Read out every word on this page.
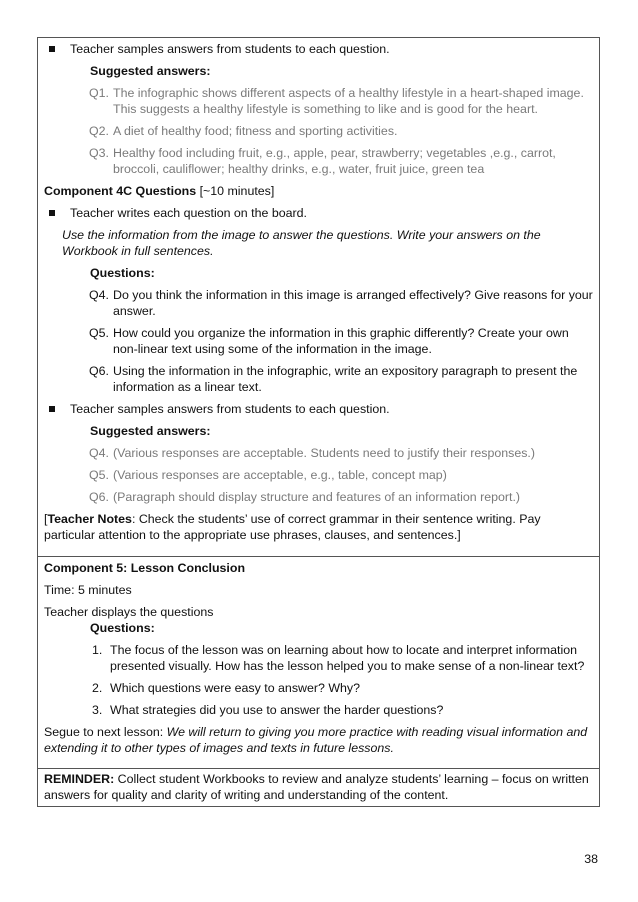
Teacher samples answers from students to each question.
Suggested answers:
Q1. The infographic shows different aspects of a healthy lifestyle in a heart-shaped image. This suggests a healthy lifestyle is something to like and is good for the heart.
Q2. A diet of healthy food; fitness and sporting activities.
Q3. Healthy food including fruit, e.g., apple, pear, strawberry; vegetables ,e.g., carrot, broccoli, cauliflower; healthy drinks, e.g., water, fruit juice, green tea
Component 4C Questions [~10 minutes]
Teacher writes each question on the board.
Use the information from the image to answer the questions. Write your answers on the Workbook in full sentences.
Questions:
Q4. Do you think the information in this image is arranged effectively? Give reasons for your answer.
Q5. How could you organize the information in this graphic differently? Create your own non-linear text using some of the information in the image.
Q6. Using the information in the infographic, write an expository paragraph to present the information as a linear text.
Teacher samples answers from students to each question.
Suggested answers:
Q4. (Various responses are acceptable. Students need to justify their responses.)
Q5. (Various responses are acceptable, e.g., table, concept map)
Q6. (Paragraph should display structure and features of an information report.)
[Teacher Notes: Check the students’ use of correct grammar in their sentence writing. Pay particular attention to the appropriate use phrases, clauses, and sentences.]
Component 5: Lesson Conclusion
Time: 5 minutes
Teacher displays the questions
Questions:
1. The focus of the lesson was on learning about how to locate and interpret information presented visually. How has the lesson helped you to make sense of a non-linear text?
2. Which questions were easy to answer? Why?
3. What strategies did you use to answer the harder questions?
Segue to next lesson: We will return to giving you more practice with reading visual information and extending it to other types of images and texts in future lessons.
REMINDER: Collect student Workbooks to review and analyze students’ learning – focus on written answers for quality and clarity of writing and understanding of the content.
38
